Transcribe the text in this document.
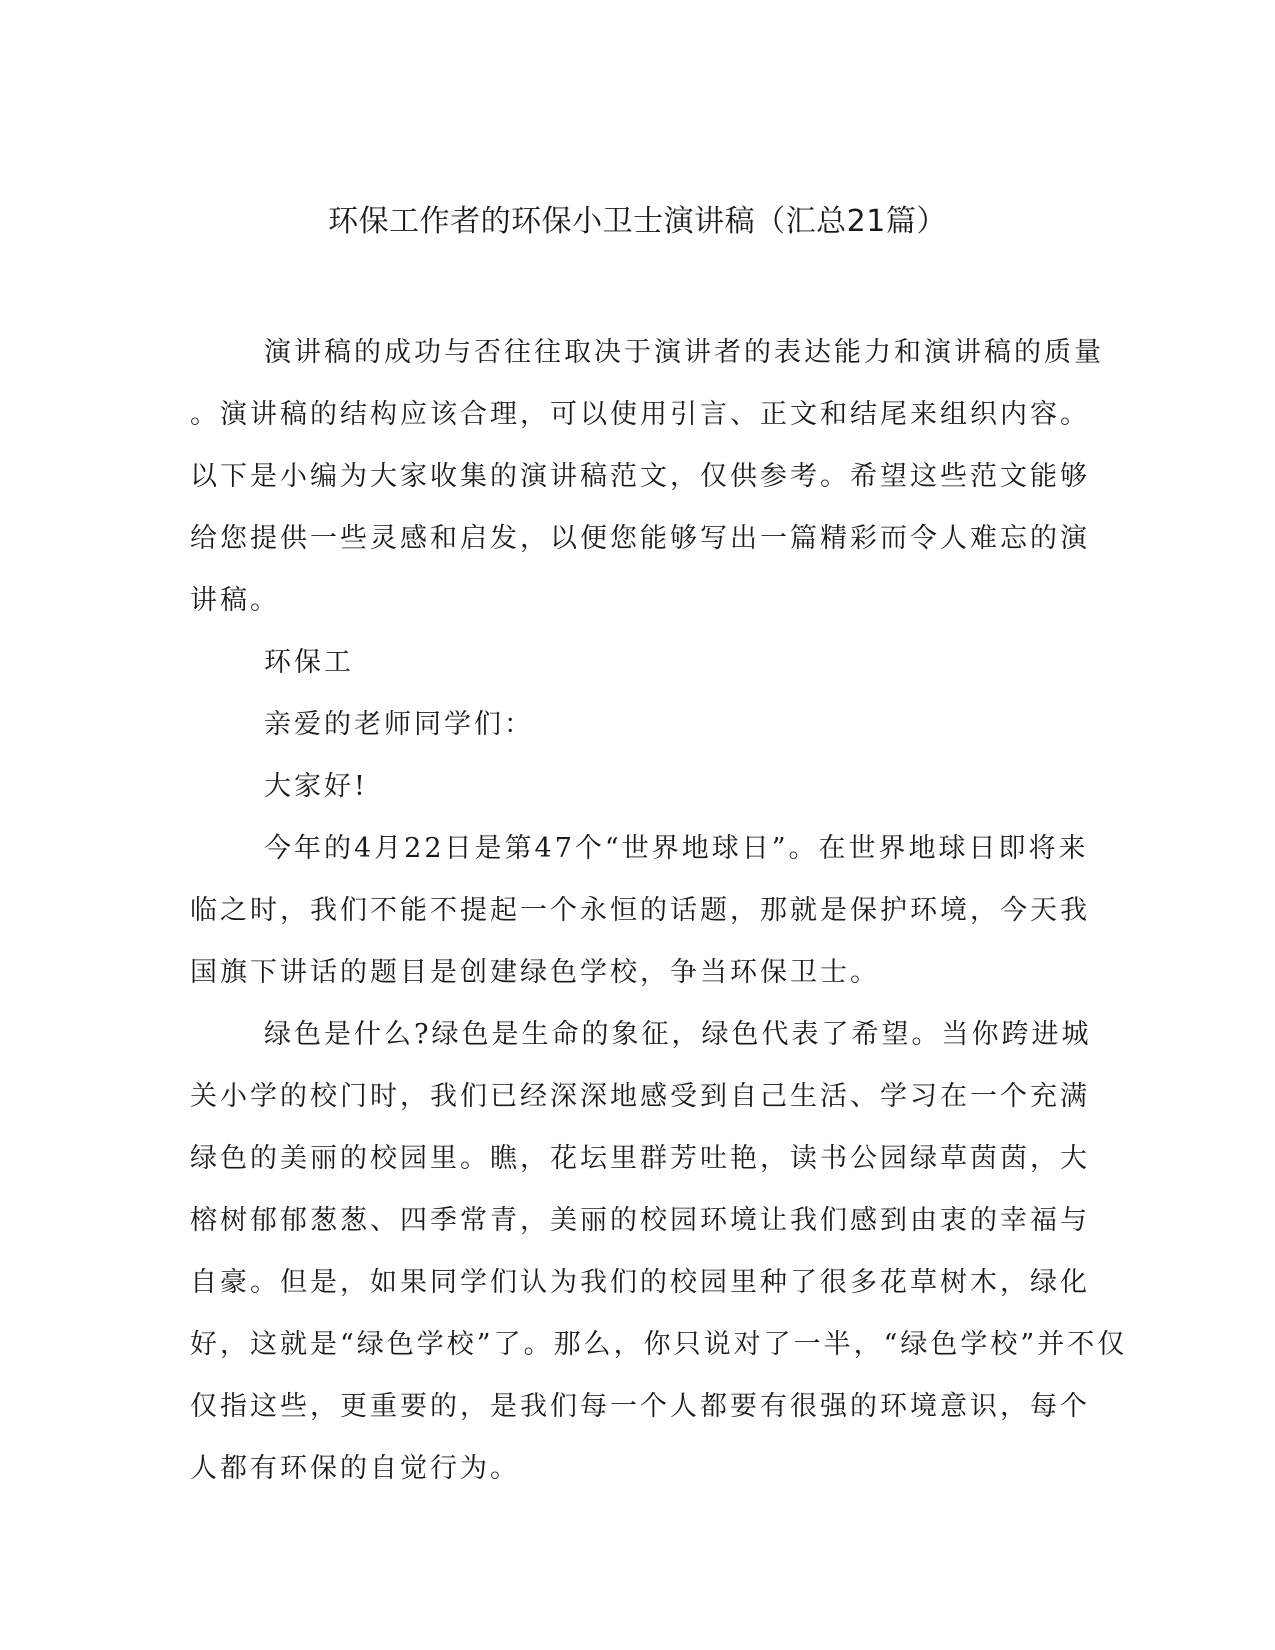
环保工作者的环保小卫士演讲稿（汇总21篇）
演讲稿的成功与否往往取决于演讲者的表达能力和演讲稿的质量
。演讲稿的结构应该合理，可以使用引言、正文和结尾来组织内容。
以下是小编为大家收集的演讲稿范文，仅供参考。希望这些范文能够
给您提供一些灵感和启发，以便您能够写出一篇精彩而令人难忘的演
讲稿。
环保工
亲爱的老师同学们：
大家好!
今年的4月22日是第47个“世界地球日”。在世界地球日即将来
临之时，我们不能不提起一个永恒的话题，那就是保护环境，今天我
国旗下讲话的题目是创建绿色学校，争当环保卫士。
绿色是什么?绿色是生命的象征，绿色代表了希望。当你跨进城
关小学的校门时，我们已经深深地感受到自己生活、学习在一个充满
绿色的美丽的校园里。瞧，花坛里群芳吐艳，读书公园绿草茵茵，大
榕树郁郁葱葱、四季常青，美丽的校园环境让我们感到由衷的幸福与
自豪。但是，如果同学们认为我们的校园里种了很多花草树木，绿化
好，这就是“绿色学校”了。那么，你只说对了一半，“绿色学校”并不仅
仅指这些，更重要的，是我们每一个人都要有很强的环境意识，每个
人都有环保的自觉行为。
